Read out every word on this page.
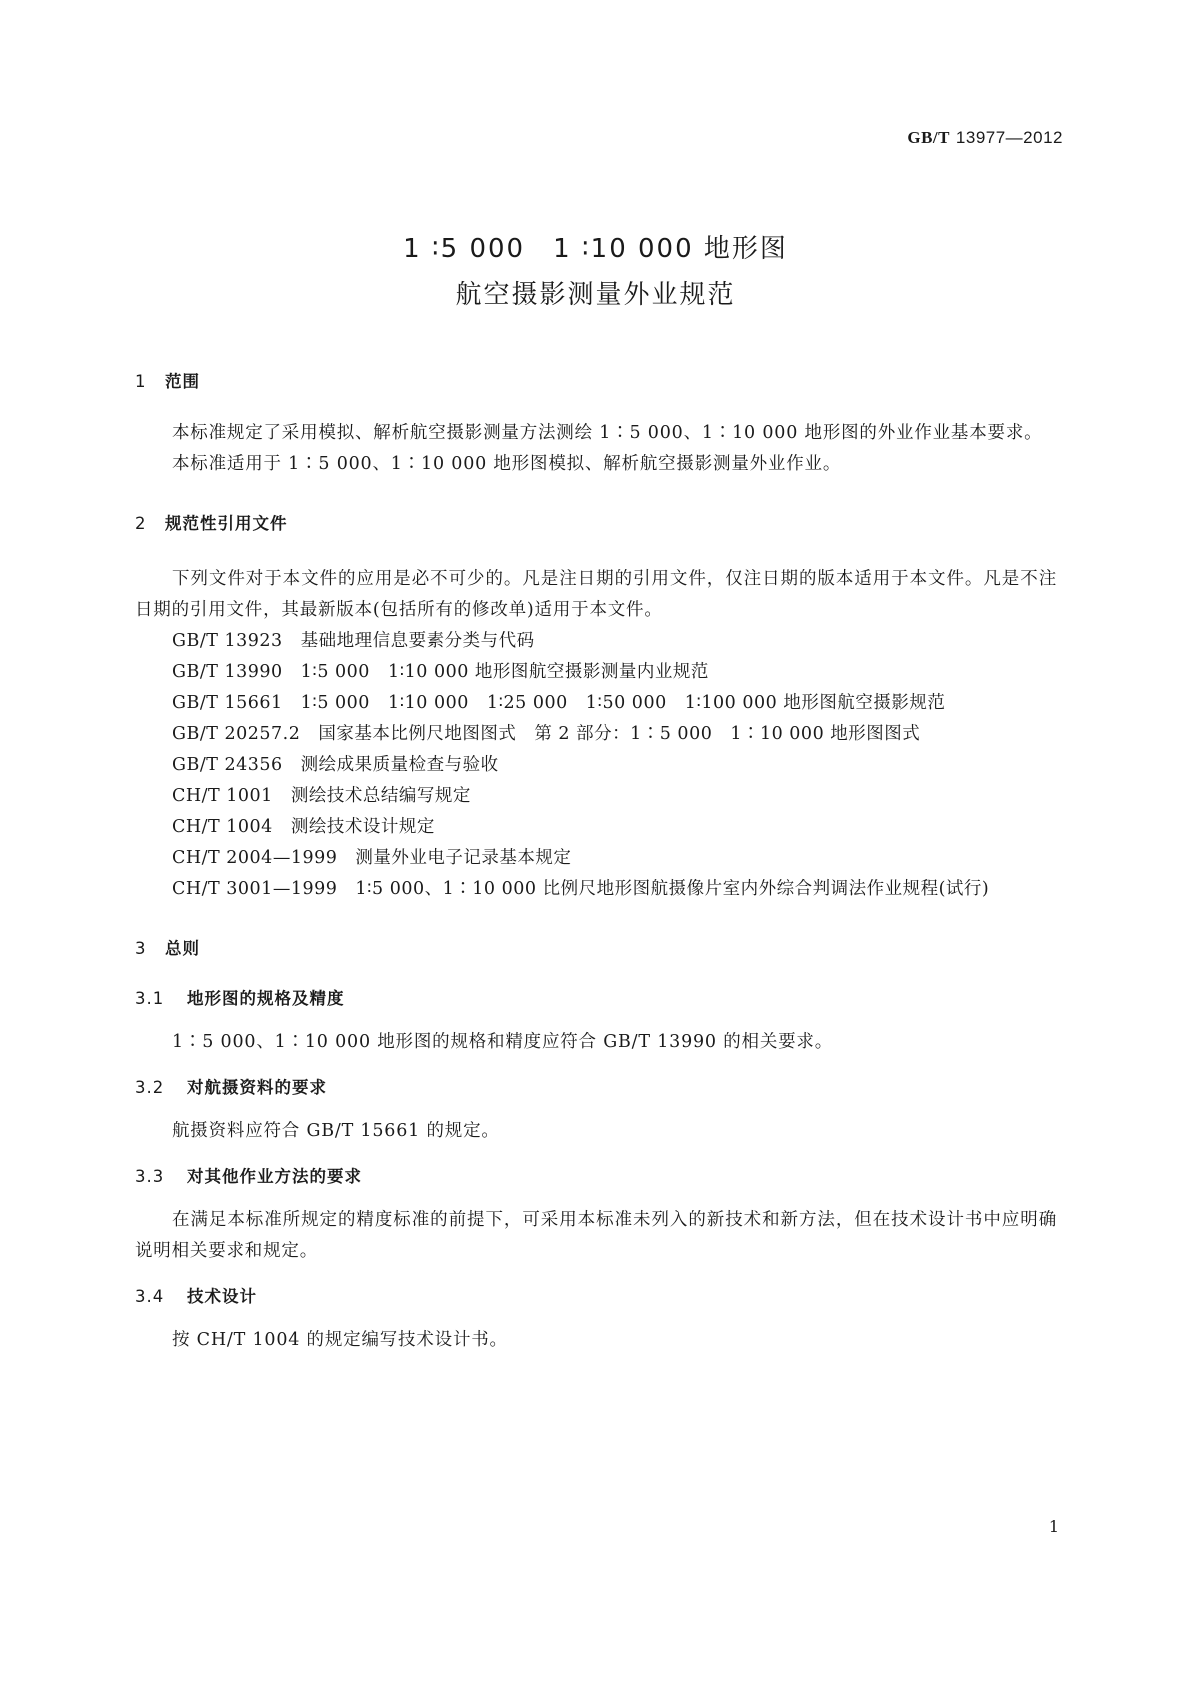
GB/T 13977—2012
1 ∶5 000　1 ∶10 000 地形图
航空摄影测量外业规范
1 范围
本标准规定了采用模拟、解析航空摄影测量方法测绘 1∶5 000、1∶10 000 地形图的外业作业基本要求。
本标准适用于 1∶5 000、1∶10 000 地形图模拟、解析航空摄影测量外业作业。
2 规范性引用文件
下列文件对于本文件的应用是必不可少的。凡是注日期的引用文件，仅注日期的版本适用于本文件。凡是不注日期的引用文件，其最新版本(包括所有的修改单)适用于本文件。
GB/T 13923 基础地理信息要素分类与代码
GB/T 13990 1∶5 000　1∶10 000 地形图航空摄影测量内业规范
GB/T 15661 1∶5 000　1∶10 000　1∶25 000　1∶50 000　1∶100 000 地形图航空摄影规范
GB/T 20257.2 国家基本比例尺地图图式　第 2 部分：1∶5 000　1∶10 000 地形图图式
GB/T 24356 测绘成果质量检查与验收
CH/T 1001 测绘技术总结编写规定
CH/T 1004 测绘技术设计规定
CH/T 2004—1999 测量外业电子记录基本规定
CH/T 3001—1999 1∶5 000、1∶10 000 比例尺地形图航摄像片室内外综合判调法作业规程(试行)
3 总则
3.1 地形图的规格及精度
1∶5 000、1∶10 000 地形图的规格和精度应符合 GB/T 13990 的相关要求。
3.2 对航摄资料的要求
航摄资料应符合 GB/T 15661 的规定。
3.3 对其他作业方法的要求
在满足本标准所规定的精度标准的前提下，可采用本标准未列入的新技术和新方法，但在技术设计书中应明确说明相关要求和规定。
3.4 技术设计
按 CH/T 1004 的规定编写技术设计书。
1
